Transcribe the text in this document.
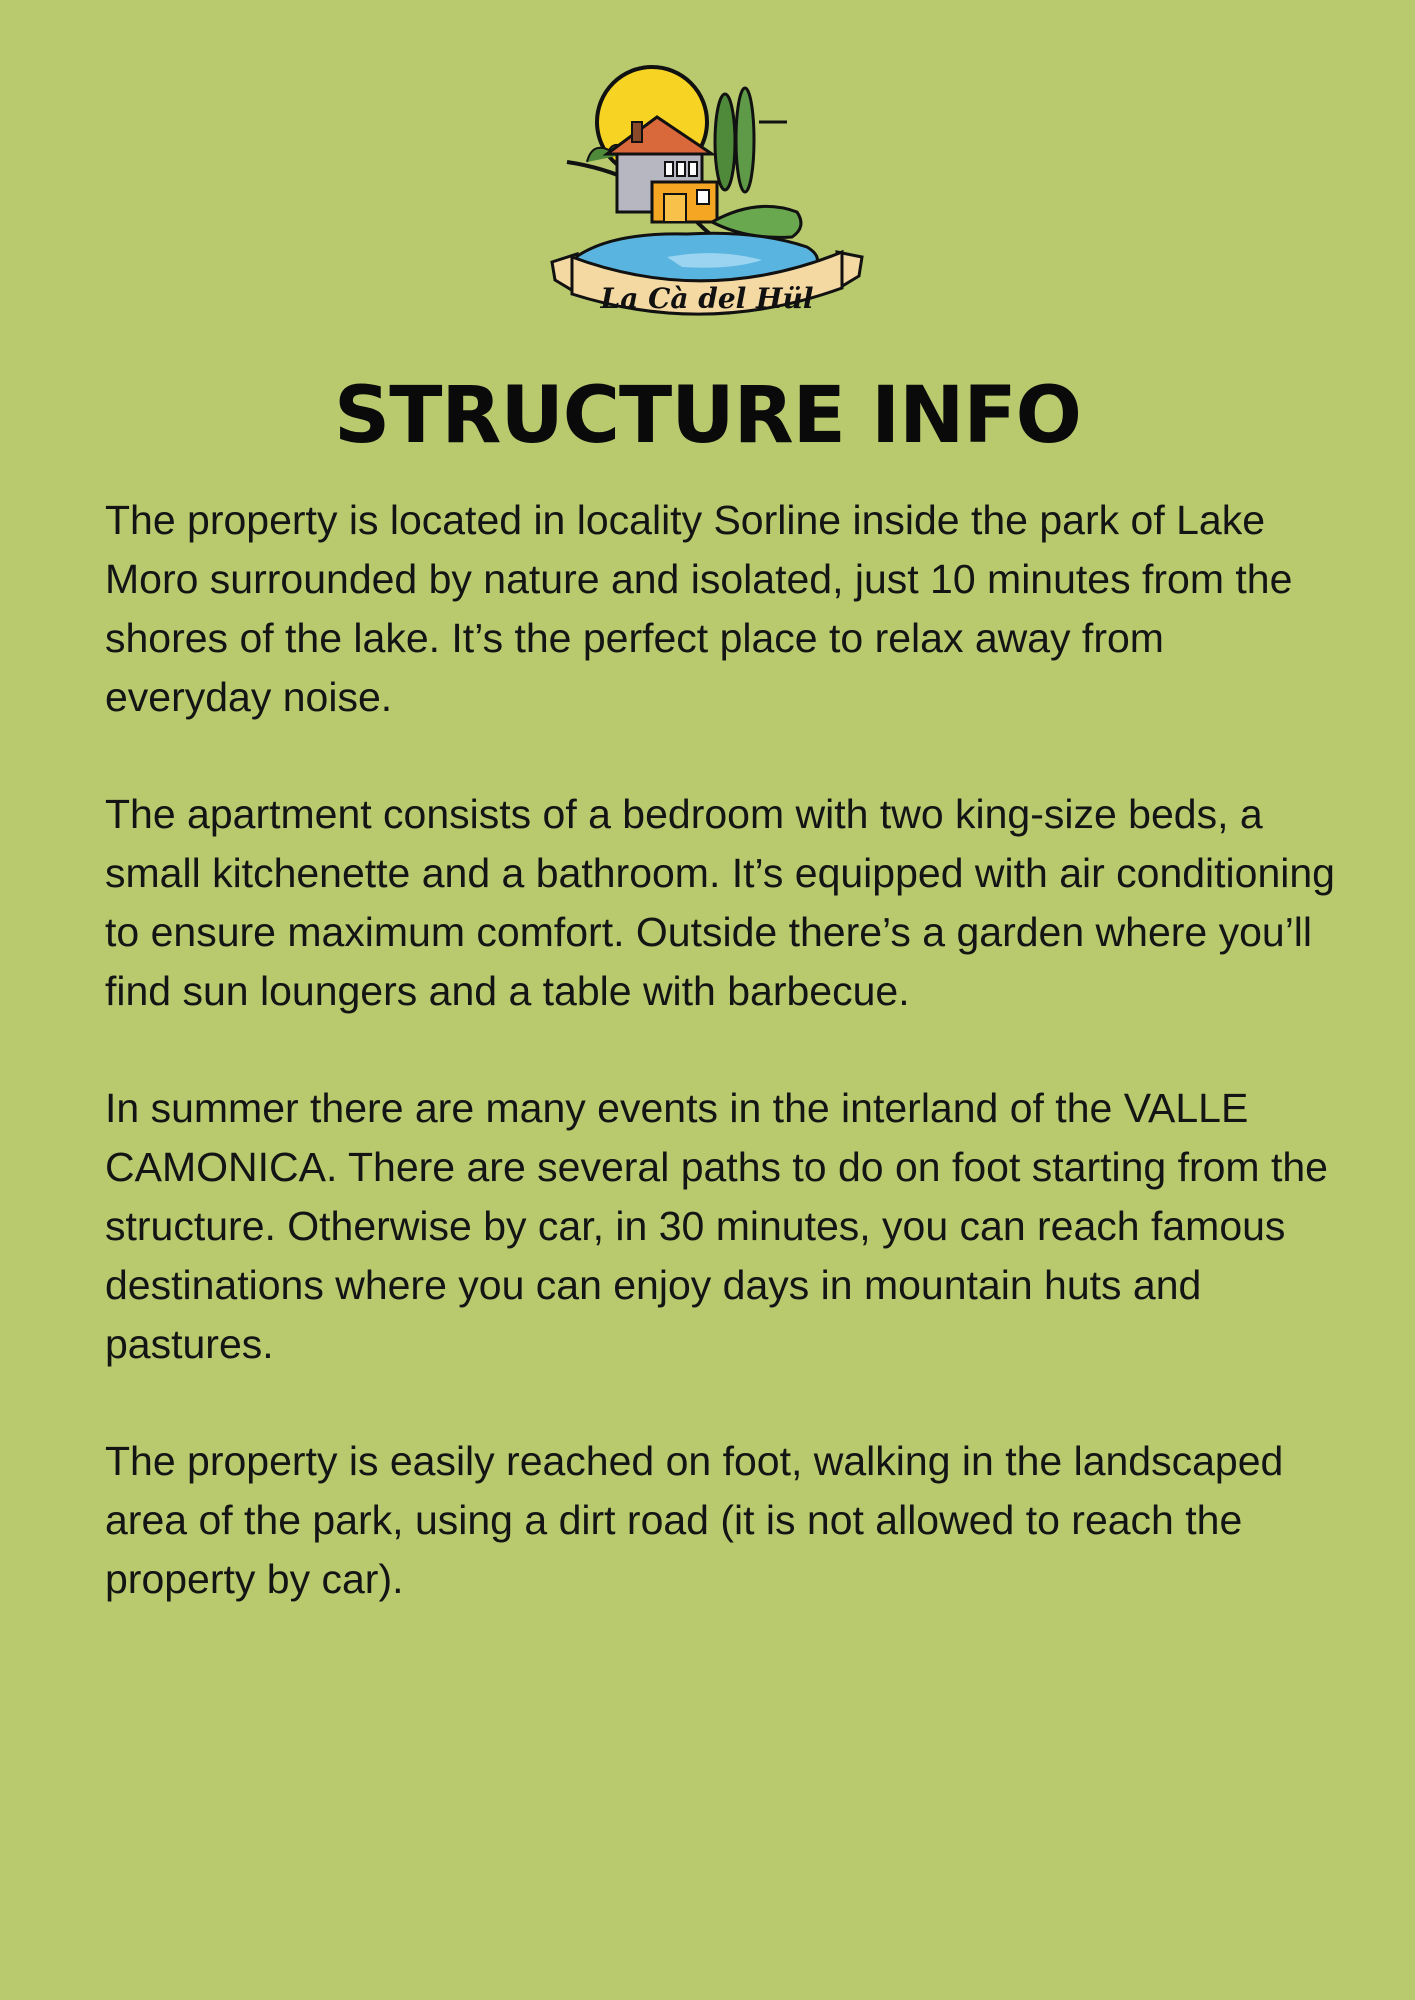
La Cà del Hül
STRUCTURE INFO

The property is located in locality Sorline inside the park of Lake Moro surrounded by nature and isolated, just 10 minutes from the shores of the lake. It’s the perfect place to relax away from everyday noise.

The apartment consists of a bedroom with two king-size beds, a small kitchenette and a bathroom. It’s equipped with air conditioning to ensure maximum comfort. Outside there’s a garden where you’ll find sun loungers and a table with barbecue.

In summer there are many events in the interland of the VALLE CAMONICA. There are several paths to do on foot starting from the structure. Otherwise by car, in 30 minutes, you can reach famous destinations where you can enjoy days in mountain huts and pastures.

The property is easily reached on foot, walking in the landscaped area of the park, using a dirt road (it is not allowed to reach the property by car).
